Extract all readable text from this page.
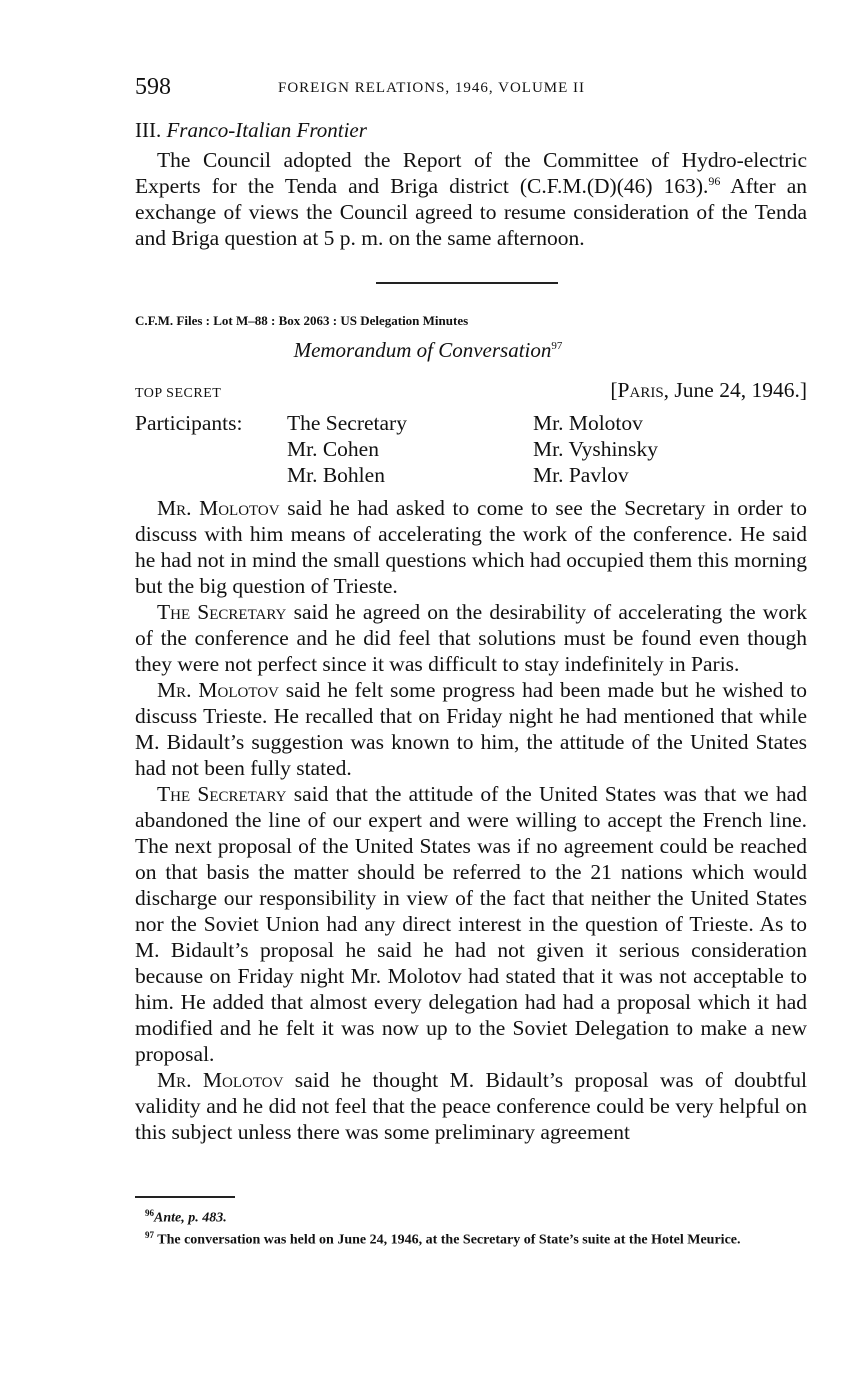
598	FOREIGN RELATIONS, 1946, VOLUME II
III. Franco-Italian Frontier

The Council adopted the Report of the Committee of Hydro-electric Experts for the Tenda and Briga district (C.F.M.(D)(46) 163).$^{96}$ After an exchange of views the Council agreed to resume consideration of the Tenda and Briga question at 5 p. m. on the same afternoon.

C.F.M. Files : Lot M–88 : Box 2063 : US Delegation Minutes
Memorandum of Conversation$^{97}$
TOP SECRET	[Paris, June 24, 1946.]
Participants: The Secretary
Mr. Cohen
Mr. Bohlen
Mr. Molotov
Mr. Vyshinsky
Mr. Pavlov

Mr. Molotov said he had asked to come to see the Secretary in order to discuss with him means of accelerating the work of the conference. He said he had not in mind the small questions which had occupied them this morning but the big question of Trieste.

The Secretary said he agreed on the desirability of accelerating the work of the conference and he did feel that solutions must be found even though they were not perfect since it was difficult to stay indefinitely in Paris.

Mr. Molotov said he felt some progress had been made but he wished to discuss Trieste. He recalled that on Friday night he had mentioned that while M. Bidault’s suggestion was known to him, the attitude of the United States had not been fully stated.

The Secretary said that the attitude of the United States was that we had abandoned the line of our expert and were willing to accept the French line. The next proposal of the United States was if no agreement could be reached on that basis the matter should be referred to the 21 nations which would discharge our responsibility in view of the fact that neither the United States nor the Soviet Union had any direct interest in the question of Trieste. As to M. Bidault’s proposal he said he had not given it serious consideration because on Friday night Mr. Molotov had stated that it was not acceptable to him. He added that almost every delegation had had a proposal which it had modified and he felt it was now up to the Soviet Delegation to make a new proposal.

Mr. Molotov said he thought M. Bidault’s proposal was of doubtful validity and he did not feel that the peace conference could be very helpful on this subject unless there was some preliminary agreement

$^{96}$Ante, p. 483.
$^{97}$ The conversation was held on June 24, 1946, at the Secretary of State’s suite at the Hotel Meurice.
